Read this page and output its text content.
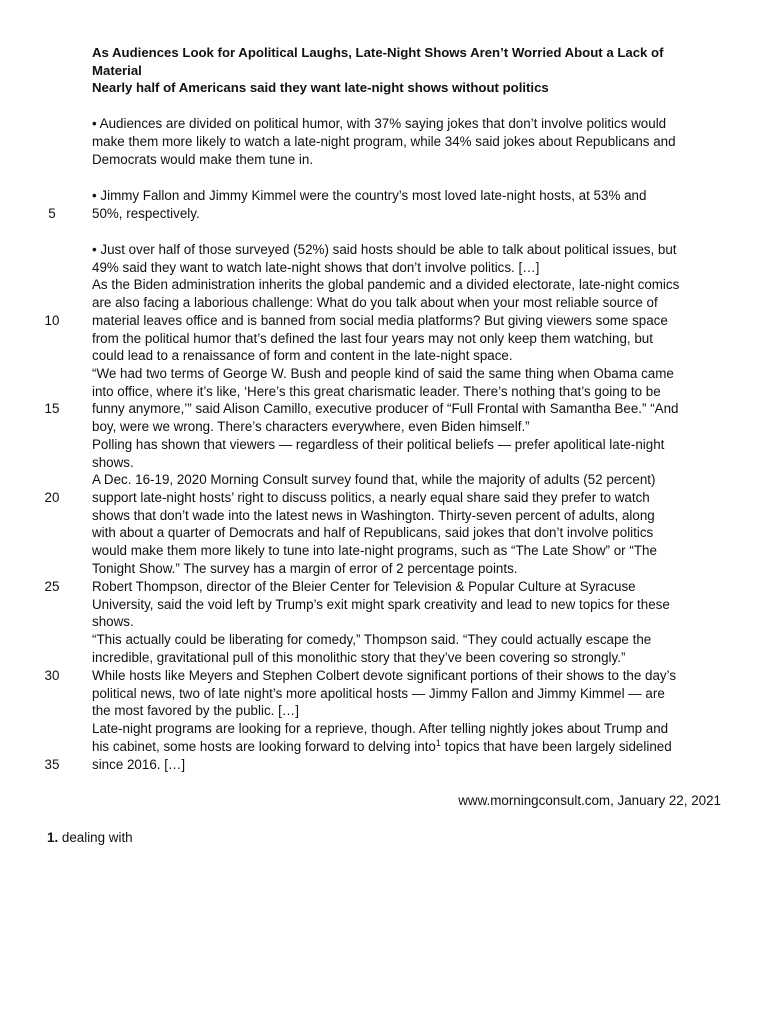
As Audiences Look for Apolitical Laughs, Late-Night Shows Aren’t Worried About a Lack of
Material
Nearly half of Americans said they want late-night shows without politics
• Audiences are divided on political humor, with 37% saying jokes that don’t involve politics would
make them more likely to watch a late-night program, while 34% said jokes about Republicans and
Democrats would make them tune in.
• Jimmy Fallon and Jimmy Kimmel were the country’s most loved late-night hosts, at 53% and
50%, respectively.
• Just over half of those surveyed (52%) said hosts should be able to talk about political issues, but
49% said they want to watch late-night shows that don’t involve politics. […]
As the Biden administration inherits the global pandemic and a divided electorate, late-night comics
are also facing a laborious challenge: What do you talk about when your most reliable source of
material leaves office and is banned from social media platforms? But giving viewers some space
from the political humor that’s defined the last four years may not only keep them watching, but
could lead to a renaissance of form and content in the late-night space.
“We had two terms of George W. Bush and people kind of said the same thing when Obama came
into office, where it’s like, ‘Here’s this great charismatic leader. There’s nothing that’s going to be
funny anymore,’” said Alison Camillo, executive producer of “Full Frontal with Samantha Bee.” “And
boy, were we wrong. There’s characters everywhere, even Biden himself.”
Polling has shown that viewers — regardless of their political beliefs — prefer apolitical late-night
shows.
A Dec. 16-19, 2020 Morning Consult survey found that, while the majority of adults (52 percent)
support late-night hosts’ right to discuss politics, a nearly equal share said they prefer to watch
shows that don’t wade into the latest news in Washington. Thirty-seven percent of adults, along
with about a quarter of Democrats and half of Republicans, said jokes that don’t involve politics
would make them more likely to tune into late-night programs, such as “The Late Show” or “The
Tonight Show.” The survey has a margin of error of 2 percentage points.
Robert Thompson, director of the Bleier Center for Television & Popular Culture at Syracuse
University, said the void left by Trump’s exit might spark creativity and lead to new topics for these
shows.
“This actually could be liberating for comedy,” Thompson said. “They could actually escape the
incredible, gravitational pull of this monolithic story that they’ve been covering so strongly.”
While hosts like Meyers and Stephen Colbert devote significant portions of their shows to the day’s
political news, two of late night’s more apolitical hosts — Jimmy Fallon and Jimmy Kimmel — are
the most favored by the public. […]
Late-night programs are looking for a reprieve, though. After telling nightly jokes about Trump and
his cabinet, some hosts are looking forward to delving into$^1$ topics that have been largely sidelined
since 2016. […]
5
10
15
20
25
30
35
www.morningconsult.com, January 22, 2021
1. dealing with
